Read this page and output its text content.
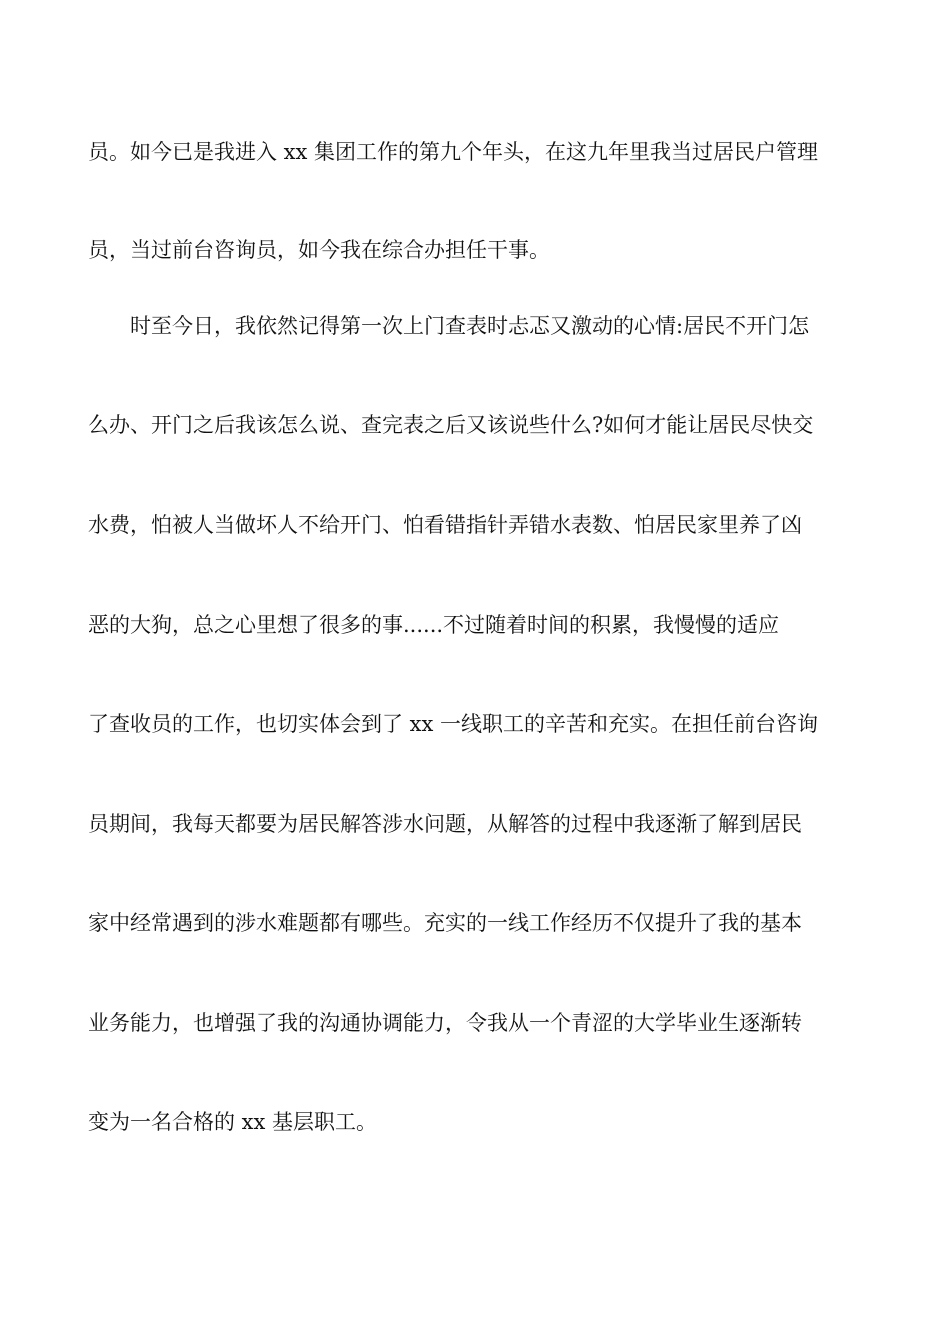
员。如今已是我进入 xx 集团工作的第九个年头，在这九年里我当过居民户管理
员，当过前台咨询员，如今我在综合办担任干事。
时至今日，我依然记得第一次上门查表时忐忑又激动的心情:居民不开门怎
么办、开门之后我该怎么说、查完表之后又该说些什么?如何才能让居民尽快交
水费，怕被人当做坏人不给开门、怕看错指针弄错水表数、怕居民家里养了凶
恶的大狗，总之心里想了很多的事......不过随着时间的积累，我慢慢的适应
了查收员的工作，也切实体会到了 xx 一线职工的辛苦和充实。在担任前台咨询
员期间，我每天都要为居民解答涉水问题，从解答的过程中我逐渐了解到居民
家中经常遇到的涉水难题都有哪些。充实的一线工作经历不仅提升了我的基本
业务能力，也增强了我的沟通协调能力，令我从一个青涩的大学毕业生逐渐转
变为一名合格的 xx 基层职工。
